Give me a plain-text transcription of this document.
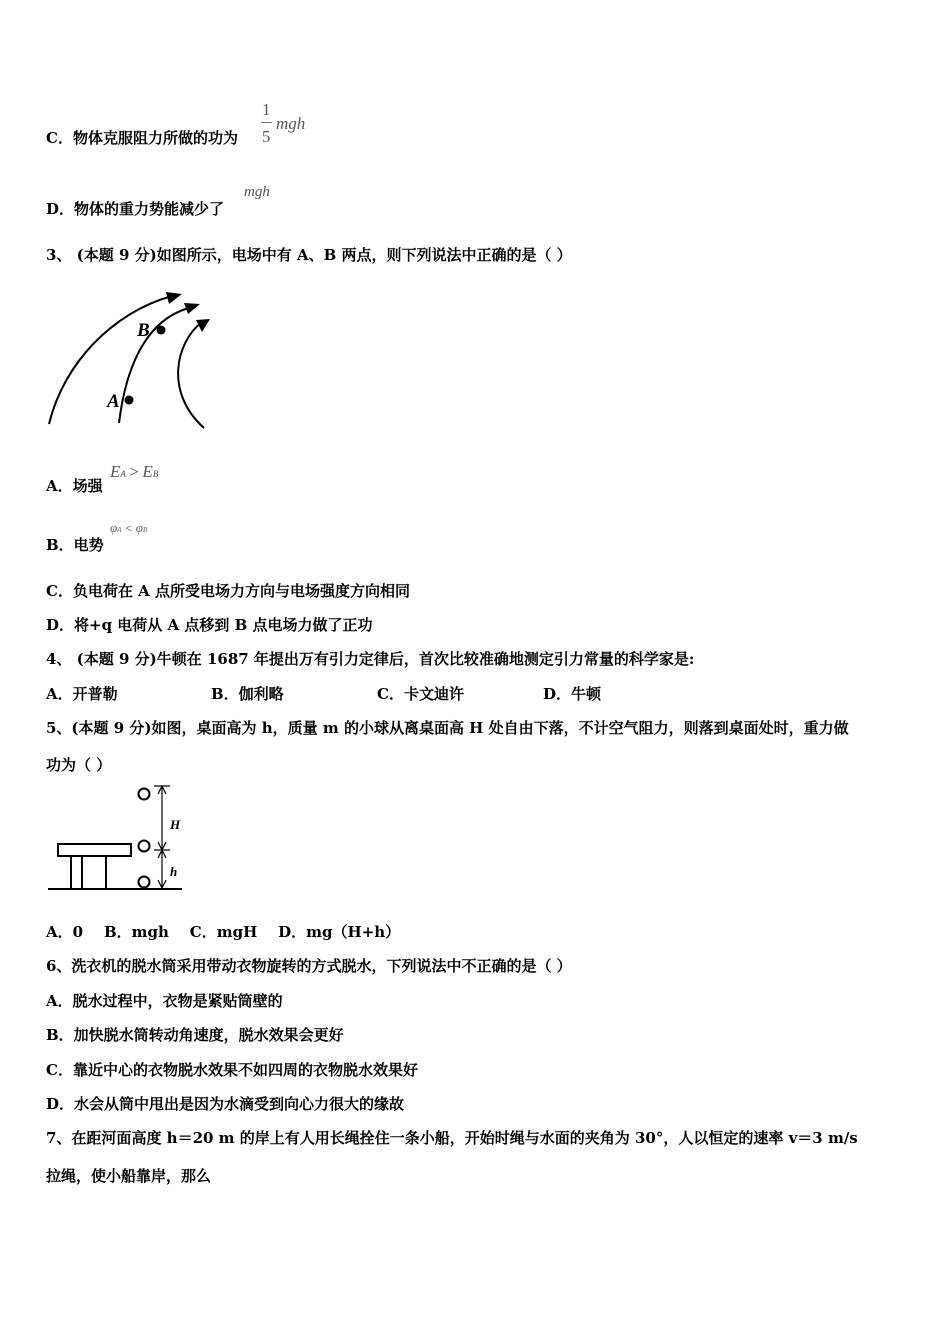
C．物体克服阻力所做的功为
1
5
mgh
D．物体的重力势能减少了
mgh
3、 (本题 9 分)如图所示，电场中有 A、B 两点，则下列说法中正确的是（ ）
A
B
A．场强
EA > EB
B．电势
φA < φB
C．负电荷在 A 点所受电场力方向与电场强度方向相同
D．将+q 电荷从 A 点移到 B 点电场力做了正功
4、 (本题 9 分)牛顿在 1687 年提出万有引力定律后，首次比较准确地测定引力常量的科学家是:
A．开普勒	B．伽利略	C．卡文迪许	D．牛顿
5、(本题 9 分)如图，桌面高为 h，质量 m 的小球从离桌面高 H 处自由下落，不计空气阻力，则落到桌面处时，重力做
功为（ ）
H
h
A．0    B．mgh    C．mgH    D．mg（H+h）
6、洗衣机的脱水筒采用带动衣物旋转的方式脱水，下列说法中不正确的是（ ）
A．脱水过程中，衣物是紧贴筒壁的
B．加快脱水筒转动角速度，脱水效果会更好
C．靠近中心的衣物脱水效果不如四周的衣物脱水效果好
D．水会从筒中甩出是因为水滴受到向心力很大的缘故
7、在距河面高度 h＝20 m 的岸上有人用长绳拴住一条小船，开始时绳与水面的夹角为 30°，人以恒定的速率 v＝3 m/s
拉绳，使小船靠岸，那么
